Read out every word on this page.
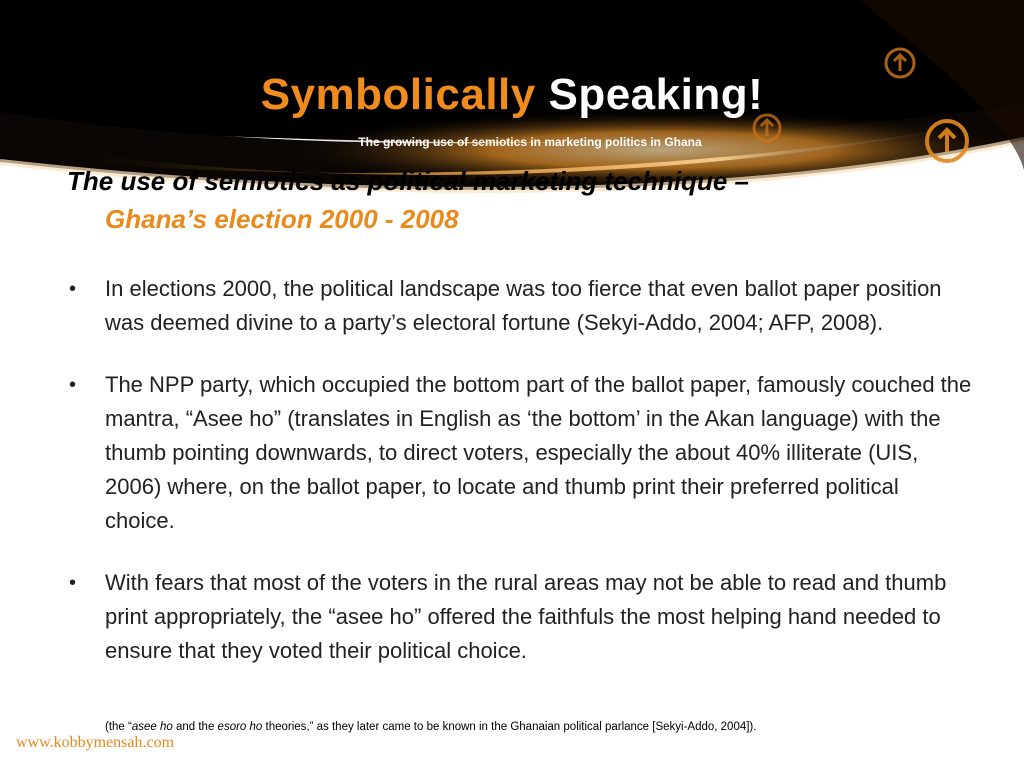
Symbolically Speaking!
The growing use of semiotics in marketing politics in Ghana
The use of semiotics as political marketing technique –
Ghana’s election 2000 - 2008
• In elections 2000, the political landscape was too fierce that even ballot paper position was deemed divine to a party’s electoral fortune (Sekyi-Addo, 2004; AFP, 2008).
• The NPP party, which occupied the bottom part of the ballot paper, famously couched the mantra, “Asee ho” (translates in English as ‘the bottom’ in the Akan language) with the thumb pointing downwards, to direct voters, especially the about 40% illiterate (UIS, 2006) where, on the ballot paper, to locate and thumb print their preferred political choice.
• With fears that most of the voters in the rural areas may not be able to read and thumb print appropriately, the “asee ho” offered the faithfuls the most helping hand needed to ensure that they voted their political choice.
(the “asee ho and the esoro ho theories,” as they later came to be known in the Ghanaian political parlance [Sekyi-Addo, 2004]).
www.kobbymensah.com
